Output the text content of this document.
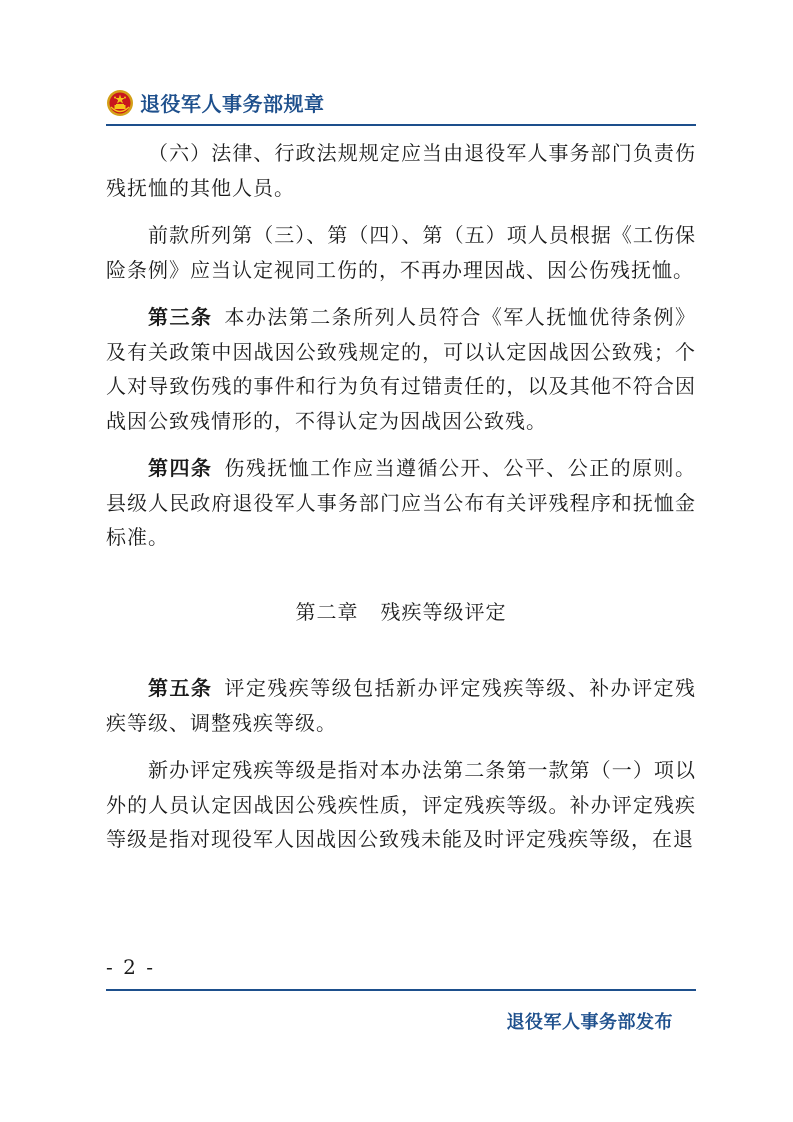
退役军人事务部规章

（六）法律、行政法规规定应当由退役军人事务部门负责伤残抚恤的其他人员。

前款所列第（三）、第（四）、第（五）项人员根据《工伤保险条例》应当认定视同工伤的，不再办理因战、因公伤残抚恤。

第三条 本办法第二条所列人员符合《军人抚恤优待条例》及有关政策中因战因公致残规定的，可以认定因战因公致残；个人对导致伤残的事件和行为负有过错责任的，以及其他不符合因战因公致残情形的，不得认定为因战因公致残。

第四条 伤残抚恤工作应当遵循公开、公平、公正的原则。县级人民政府退役军人事务部门应当公布有关评残程序和抚恤金标准。

第二章 残疾等级评定

第五条 评定残疾等级包括新办评定残疾等级、补办评定残疾等级、调整残疾等级。

新办评定残疾等级是指对本办法第二条第一款第（一）项以外的人员认定因战因公残疾性质，评定残疾等级。补办评定残疾等级是指对现役军人因战因公致残未能及时评定残疾等级，在退

- 2 -
退役军人事务部发布
